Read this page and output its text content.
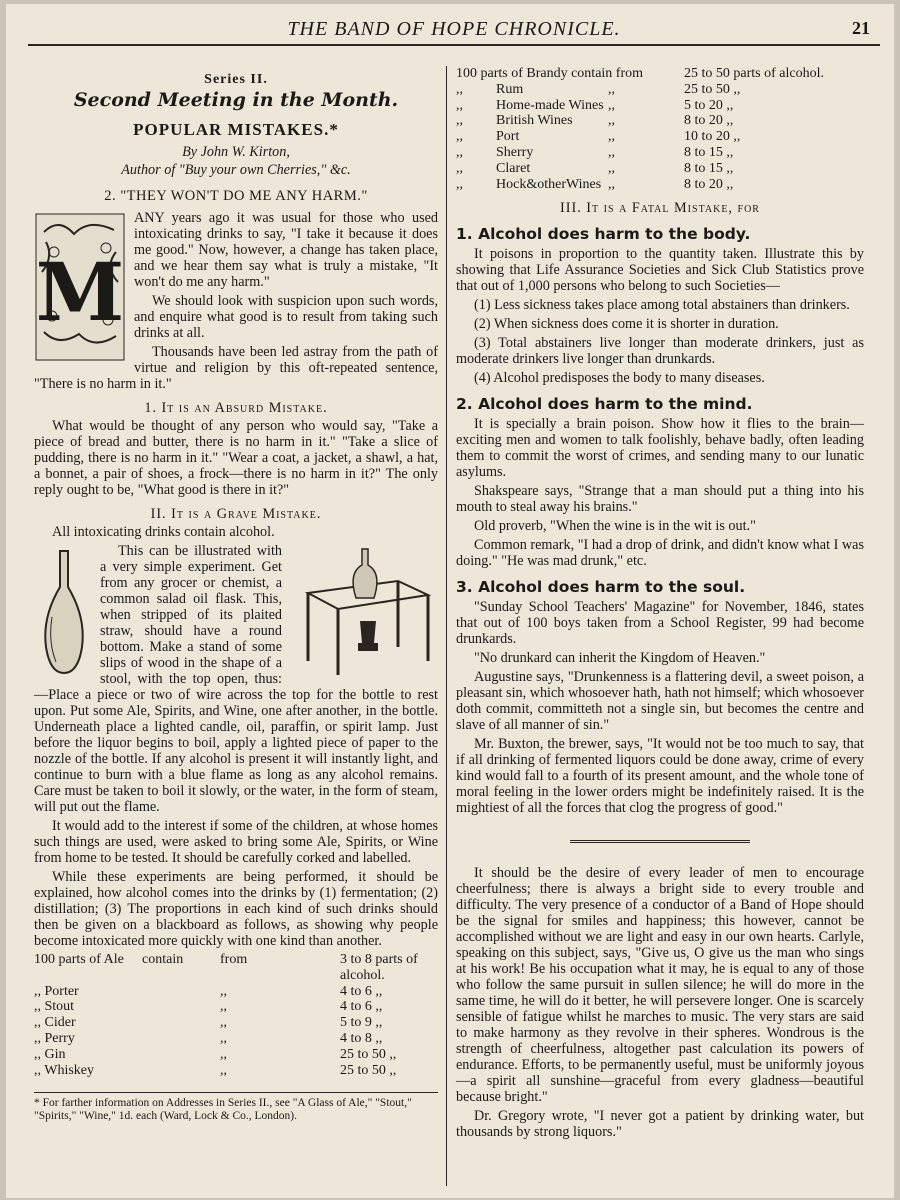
THE BAND OF HOPE CHRONICLE.	21
Series II.
Second Meeting in the Month.
POPULAR MISTAKES.*
By John W. Kirton,
Author of "Buy your own Cherries," &c.
2. "THEY WON'T DO ME ANY HARM."
M

ANY years ago it was usual for those who used intoxicating drinks to say, "I take it because it does me good." Now, however, a change has taken place, and we hear them say what is truly a mistake, "It won't do me any harm."

We should look with suspicion upon such words, and enquire what good is to result from taking such drinks at all.

Thousands have been led astray from the path of virtue and religion by this oft-repeated sentence, "There is no harm in it."

1. It is an Absurd Mistake.

What would be thought of any person who would say, "Take a piece of bread and butter, there is no harm in it." "Take a slice of pudding, there is no harm in it." "Wear a coat, a jacket, a shawl, a hat, a bonnet, a pair of shoes, a frock—there is no harm in it?" The only reply ought to be, "What good is there in it?"

II. It is a Grave Mistake.

All intoxicating drinks contain alcohol.

This can be illustrated with a very simple experiment. Get from any grocer or chemist, a common salad oil flask. This, when stripped of its plaited straw, should have a round bottom. Make a stand of some slips of wood in the shape of a stool, with the top open, thus:—Place a piece or two of wire across the top for the bottle to rest upon. Put some Ale, Spirits, and Wine, one after another, in the bottle. Underneath place a lighted candle, oil, paraffin, or spirit lamp. Just before the liquor begins to boil, apply a lighted piece of paper to the nozzle of the bottle. If any alcohol is present it will instantly light, and continue to burn with a blue flame as long as any alcohol remains. Care must be taken to boil it slowly, or the water, in the form of steam, will put out the flame.

It would add to the interest if some of the children, at whose homes such things are used, were asked to bring some Ale, Spirits, or Wine from home to be tested. It should be carefully corked and labelled.

While these experiments are being performed, it should be explained, how alcohol comes into the drinks by (1) fermentation; (2) distillation; (3) The proportions in each kind of such drinks should then be given on a blackboard as follows, as showing why people become intoxicated more quickly with one kind than another.

100 parts of Ale	contain	from	3 to 8 parts of alcohol.
,, Porter	,,	4 to 6 ,,
,, Stout	,,	4 to 6 ,,
,, Cider	,,	5 to 9 ,,
,, Perry	,,	4 to 8 ,,
,, Gin	,,	25 to 50 ,,
,, Whiskey	,,	25 to 50 ,,
* For farther information on Addresses in Series II., see "A Glass of Ale," "Stout," "Spirits," "Wine," 1d. each (Ward, Lock & Co., London).
100 parts of Brandy contain from	25 to 50 parts of alcohol.
,,	Rum	,,	25 to 50 ,,
,,	Home-made Wines ,,	5 to 20 ,,
,,	British Wines	,,	8 to 20 ,,
,,	Port	,,	10 to 20 ,,
,,	Sherry	,,	8 to 15 ,,
,,	Claret	,,	8 to 15 ,,
,,	Hock&otherWines ,,	8 to 20 ,,
III. It is a Fatal Mistake, for
1. Alcohol does harm to the body.

It poisons in proportion to the quantity taken. Illustrate this by showing that Life Assurance Societies and Sick Club Statistics prove that out of 1,000 persons who belong to such Societies—

(1) Less sickness takes place among total abstainers than drinkers.

(2) When sickness does come it is shorter in duration.

(3) Total abstainers live longer than moderate drinkers, just as moderate drinkers live longer than drunkards.

(4) Alcohol predisposes the body to many diseases.

2. Alcohol does harm to the mind.

It is specially a brain poison. Show how it flies to the brain—exciting men and women to talk foolishly, behave badly, often leading them to commit the worst of crimes, and sending many to our lunatic asylums.

Shakspeare says, "Strange that a man should put a thing into his mouth to steal away his brains."

Old proverb, "When the wine is in the wit is out."

Common remark, "I had a drop of drink, and didn't know what I was doing." "He was mad drunk," etc.

3. Alcohol does harm to the soul.

"Sunday School Teachers' Magazine" for November, 1846, states that out of 100 boys taken from a School Register, 99 had become drunkards.

"No drunkard can inherit the Kingdom of Heaven."

Augustine says, "Drunkenness is a flattering devil, a sweet poison, a pleasant sin, which whosoever hath, hath not himself; which whosoever doth commit, committeth not a single sin, but becomes the centre and slave of all manner of sin."

Mr. Buxton, the brewer, says, "It would not be too much to say, that if all drinking of fermented liquors could be done away, crime of every kind would fall to a fourth of its present amount, and the whole tone of moral feeling in the lower orders might be indefinitely raised. It is the mightiest of all the forces that clog the progress of good."

It should be the desire of every leader of men to encourage cheerfulness; there is always a bright side to every trouble and difficulty. The very presence of a conductor of a Band of Hope should be the signal for smiles and happiness; this however, cannot be accomplished without we are light and easy in our own hearts. Carlyle, speaking on this subject, says, "Give us, O give us the man who sings at his work! Be his occupation what it may, he is equal to any of those who follow the same pursuit in sullen silence; he will do more in the same time, he will do it better, he will persevere longer. One is scarcely sensible of fatigue whilst he marches to music. The very stars are said to make harmony as they revolve in their spheres. Wondrous is the strength of cheerfulness, altogether past calculation its powers of endurance. Efforts, to be permanently useful, must be uniformly joyous—a spirit all sunshine—graceful from every gladness—beautiful because bright."

Dr. Gregory wrote, "I never got a patient by drinking water, but thousands by strong liquors."
